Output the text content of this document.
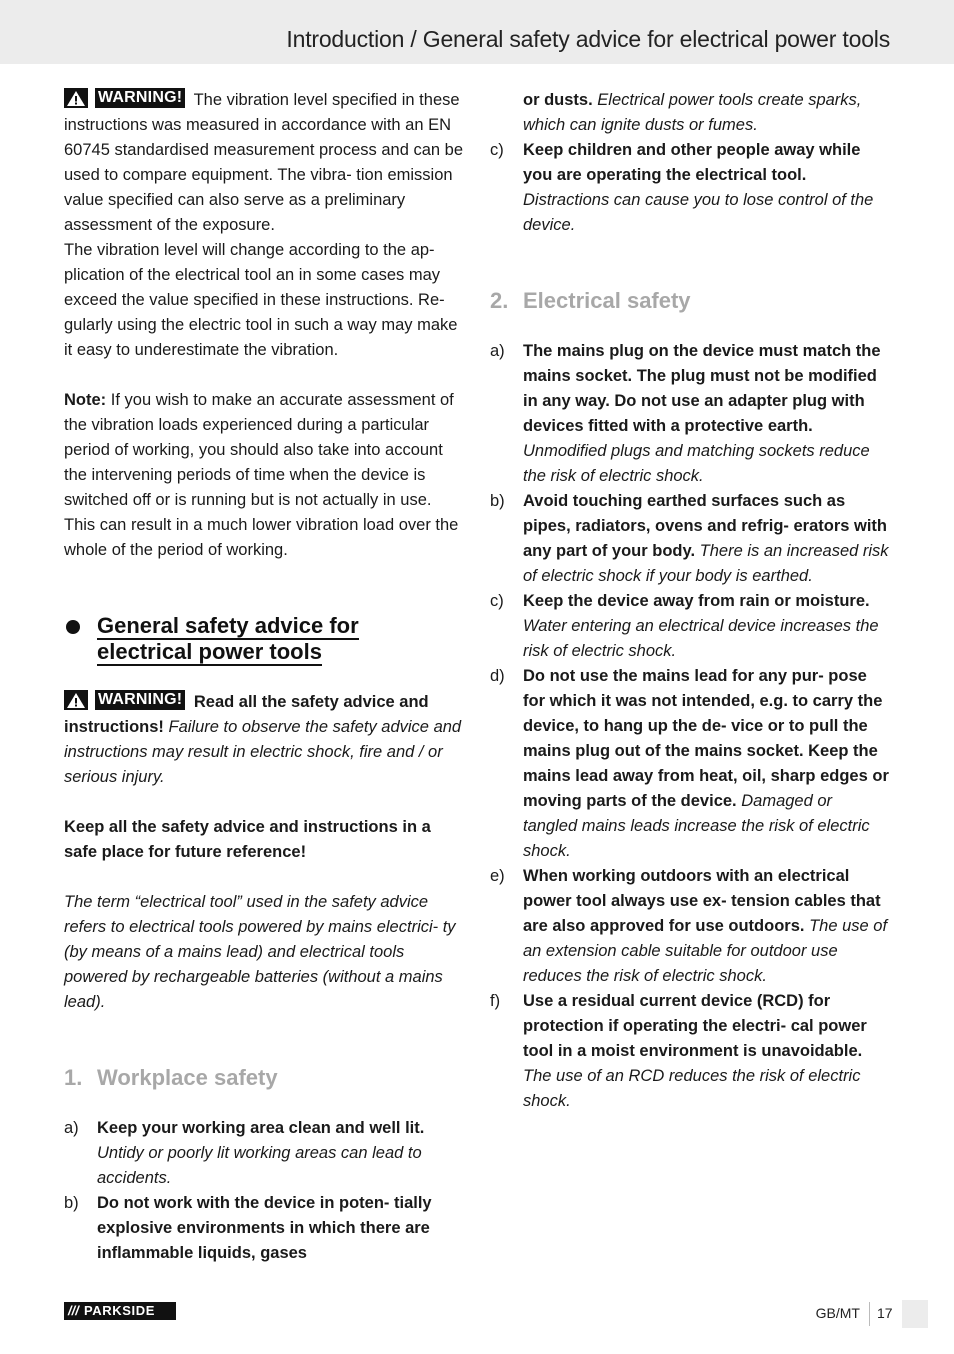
Introduction / General safety advice for electrical power tools

WARNING! The vibration level specified in these instructions was measured in accordance with an EN 60745 standardised measurement process and can be used to compare equipment. The vibra- tion emission value specified can also serve as a preliminary assessment of the exposure.

The vibration level will change according to the ap- plication of the electrical tool an in some cases may exceed the value specified in these instructions. Re- gularly using the electric tool in such a way may make it easy to underestimate the vibration.

Note: If you wish to make an accurate assessment of the vibration loads experienced during a particular period of working, you should also take into account the intervening periods of time when the device is switched off or is running but is not actually in use. This can result in a much lower vibration load over the whole of the period of working.

General safety advice for
electrical power tools

WARNING! Read all the safety advice and instructions! Failure to observe the safety advice and instructions may result in electric shock, fire and / or serious injury.

Keep all the safety advice and instructions in a safe place for future reference!

The term “electrical tool” used in the safety advice refers to electrical tools powered by mains electrici- ty (by means of a mains lead) and electrical tools powered by rechargeable batteries (without a mains lead).

1. Workplace safety
a) Keep your working area clean and well lit. Untidy or poorly lit working areas can lead to accidents.
b) Do not work with the device in poten- tially explosive environments in which there are inflammable liquids, gases
or dusts. Electrical power tools create sparks, which can ignite dusts or fumes.
c) Keep children and other people away while you are operating the electrical tool. Distractions can cause you to lose control of the device.
2. Electrical safety
a) The mains plug on the device must match the mains socket. The plug must not be modified in any way. Do not use an adapter plug with devices fitted with a protective earth. Unmodified plugs and matching sockets reduce the risk of electric shock.
b) Avoid touching earthed surfaces such as pipes, radiators, ovens and refrig- erators with any part of your body. There is an increased risk of electric shock if your body is earthed.
c) Keep the device away from rain or moisture. Water entering an electrical device increases the risk of electric shock.
d) Do not use the mains lead for any pur- pose for which it was not intended, e.g. to carry the device, to hang up the de- vice or to pull the mains plug out of the mains socket. Keep the mains lead away from heat, oil, sharp edges or moving parts of the device. Damaged or tangled mains leads increase the risk of electric shock.
e) When working outdoors with an electrical power tool always use ex- tension cables that are also approved for use outdoors. The use of an extension cable suitable for outdoor use reduces the risk of electric shock.
f) Use a residual current device (RCD) for protection if operating the electri- cal power tool in a moist environment is unavoidable. The use of an RCD reduces the risk of electric shock.
/// PARKSIDE	GB/MT 17
